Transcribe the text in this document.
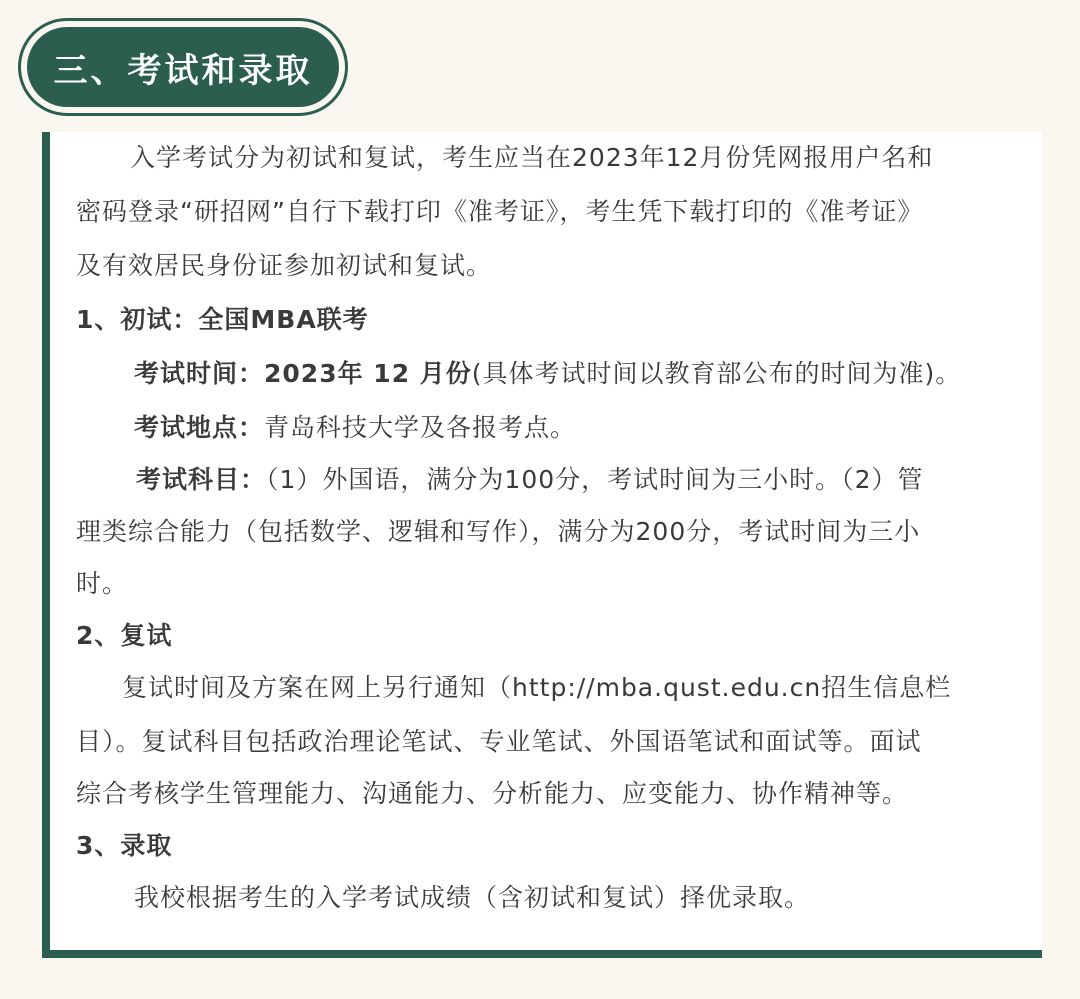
三、考试和录取
入学考试分为初试和复试，考生应当在2023年12月份凭网报用户名和
密码登录“研招网”自行下载打印《准考证》，考生凭下载打印的《准考证》
及有效居民身份证参加初试和复试。
1、初试：全国MBA联考
考试时间：2023年 12 月份(具体考试时间以教育部公布的时间为准)。
考试地点：青岛科技大学及各报考点。
考试科目：（1）外国语，满分为100分，考试时间为三小时。（2）管
理类综合能力（包括数学、逻辑和写作），满分为200分，考试时间为三小
时。
2、复试
复试时间及方案在网上另行通知（http://mba.qust.edu.cn招生信息栏
目）。复试科目包括政治理论笔试、专业笔试、外国语笔试和面试等。面试
综合考核学生管理能力、沟通能力、分析能力、应变能力、协作精神等。
3、录取
我校根据考生的入学考试成绩（含初试和复试）择优录取。
